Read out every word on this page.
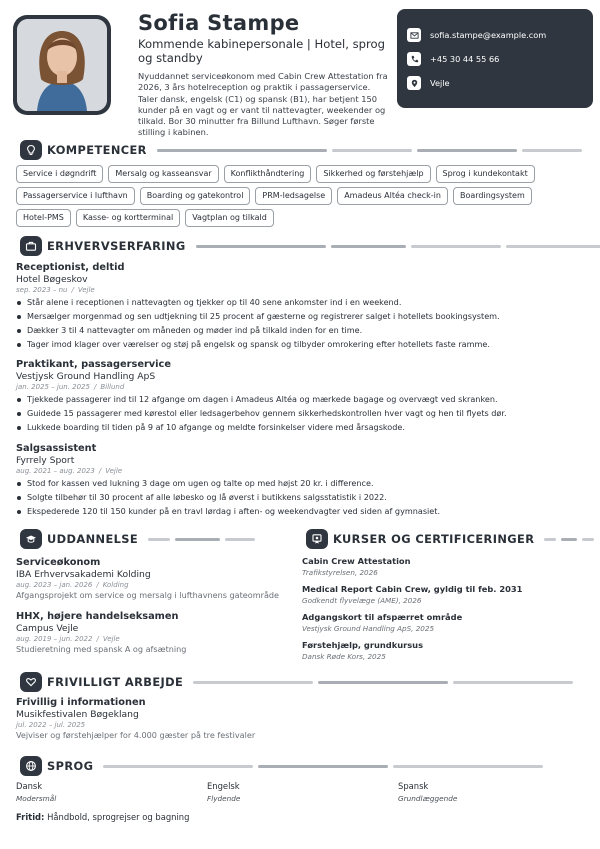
Sofia Stampe
Kommende kabinepersonale | Hotel, sprog og standby
Nyuddannet serviceøkonom med Cabin Crew Attestation fra 2026, 3 års hotelreception og praktik i passagerservice. Taler dansk, engelsk (C1) og spansk (B1), har betjent 150 kunder på en vagt og er vant til nattevagter, weekender og tilkald. Bor 30 minutter fra Billund Lufthavn. Søger første stilling i kabinen.
sofia.stampe@example.com
+45 30 44 55 66
Vejle
KOMPETENCER
Service i døgndrift	Mersalg og kasseansvar	Konflikthåndtering	Sikkerhed og førstehjælp	Sprog i kundekontakt
Passagerservice i lufthavn	Boarding og gatekontrol	PRM-ledsagelse	Amadeus Altéa check-in	Boardingsystem
Hotel-PMS	Kasse- og kortterminal	Vagtplan og tilkald
ERHVERVSERFARING
Receptionist, deltid
Hotel Bøgeskov
sep. 2023 – nu / Vejle
Står alene i receptionen i nattevagten og tjekker op til 40 sene ankomster ind i en weekend.
Mersælger morgenmad og sen udtjekning til 25 procent af gæsterne og registrerer salget i hotellets bookingsystem.
Dækker 3 til 4 nattevagter om måneden og møder ind på tilkald inden for en time.
Tager imod klager over værelser og støj på engelsk og spansk og tilbyder omrokering efter hotellets faste ramme.
Praktikant, passagerservice
Vestjysk Ground Handling ApS
jan. 2025 – jun. 2025 / Billund
Tjekkede passagerer ind til 12 afgange om dagen i Amadeus Altéa og mærkede bagage og overvægt ved skranken.
Guidede 15 passagerer med kørestol eller ledsagerbehov gennem sikkerhedskontrollen hver vagt og hen til flyets dør.
Lukkede boarding til tiden på 9 af 10 afgange og meldte forsinkelser videre med årsagskode.
Salgsassistent
Fyrrely Sport
aug. 2021 – aug. 2023 / Vejle
Stod for kassen ved lukning 3 dage om ugen og talte op med højst 20 kr. i difference.
Solgte tilbehør til 30 procent af alle løbesko og lå øverst i butikkens salgsstatistik i 2022.
Ekspederede 120 til 150 kunder på en travl lørdag i aften- og weekendvagter ved siden af gymnasiet.
UDDANNELSE
Serviceøkonom
IBA Erhvervsakademi Kolding
aug. 2023 – jan. 2026 / Kolding
Afgangsprojekt om service og mersalg i lufthavnens gateområde
HHX, højere handelseksamen
Campus Vejle
aug. 2019 – jun. 2022 / Vejle
Studieretning med spansk A og afsætning
KURSER OG CERTIFICERINGER
Cabin Crew Attestation
Trafikstyrelsen, 2026
Medical Report Cabin Crew, gyldig til feb. 2031
Godkendt flyvelæge (AME), 2026
Adgangskort til afspærret område
Vestjysk Ground Handling ApS, 2025
Førstehjælp, grundkursus
Dansk Røde Kors, 2025
FRIVILLIGT ARBEJDE
Frivillig i informationen
Musikfestivalen Bøgeklang
jul. 2022 – jul. 2025
Vejviser og førstehjælper for 4.000 gæster på tre festivaler
SPROG
Dansk
Modersmål
Engelsk
Flydende
Spansk
Grundlæggende
Fritid: Håndbold, sprogrejser og bagning
